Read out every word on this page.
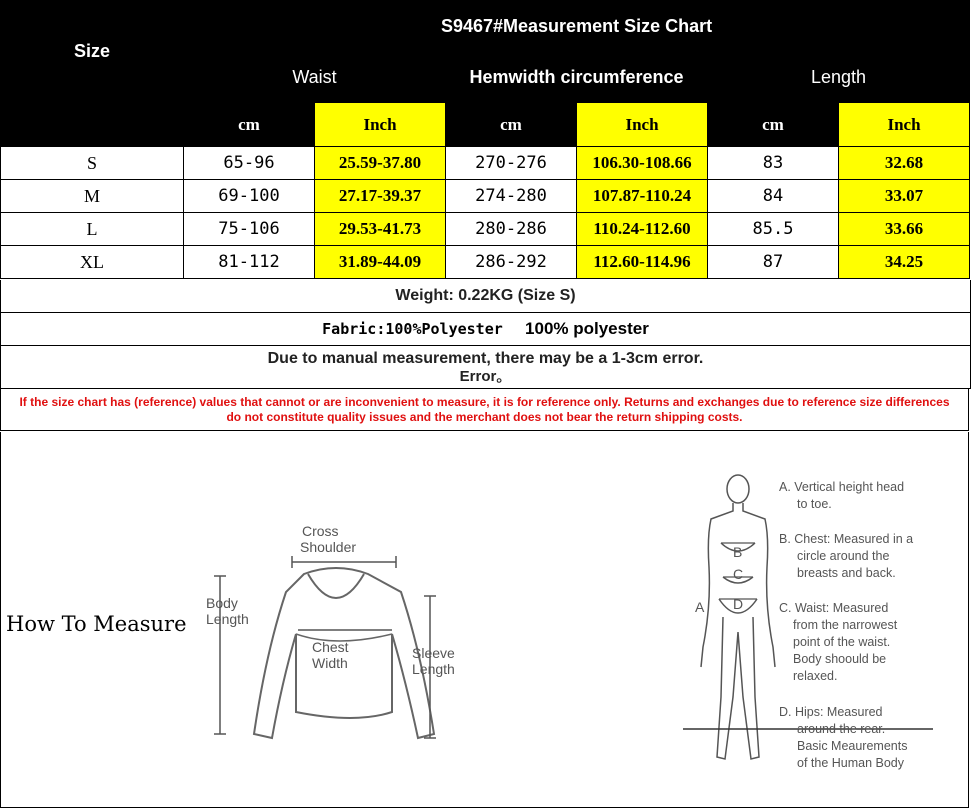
Size	S9467#Measurement Size Chart					
	Waist		Hemwidth circumference		Length	
	cm	Inch	cm	Inch	cm	Inch
S	65-96	25.59-37.80	270-276	106.30-108.66	83	32.68
M	69-100	27.17-39.37	274-280	107.87-110.24	84	33.07
L	75-106	29.53-41.73	280-286	110.24-112.60	85.5	33.66
XL	81-112	31.89-44.09	286-292	112.60-114.96	87	34.25
Weight: 0.22KG (Size S)
Fabric:100%Polyester 100% polyester
Due to manual measurement, there may be a 1-3cm error.
Error。
If the size chart has (reference) values that cannot or are inconvenient to measure, it is for reference only. Returns and exchanges due to reference size differences
do not constitute quality issues and the merchant does not bear the return shipping costs.
How To Measure
Cross
Shoulder
Body
Length
Chest
Width
Sleeve
Length
A
B
C
D
A. Vertical height head
to toe.
B. Chest: Measured in a
circle around the
breasts and back.
C. Waist: Measured
from the narrowest
point of the waist.
Body shoould be
relaxed.
D. Hips: Measured
around the rear.
Basic Meaurements
of the Human Body
